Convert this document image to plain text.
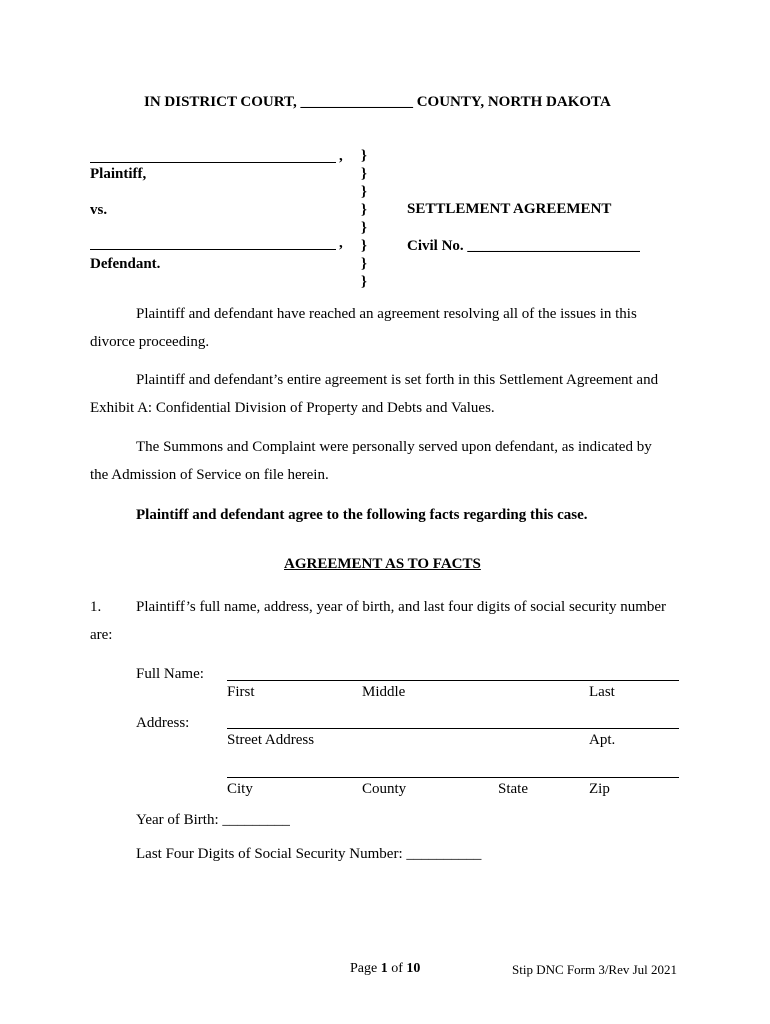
IN DISTRICT COURT, _______________ COUNTY, NORTH DAKOTA
,
Plaintiff,
vs.
,
Defendant.
}
}
}
}
}
}
}
}
SETTLEMENT AGREEMENT
Civil No. _______________________
Plaintiff and defendant have reached an agreement resolving all of the issues in this
divorce proceeding.
Plaintiff and defendant’s entire agreement is set forth in this Settlement Agreement and
Exhibit A: Confidential Division of Property and Debts and Values.
The Summons and Complaint were personally served upon defendant, as indicated by
the Admission of Service on file herein.
Plaintiff and defendant agree to the following facts regarding this case.
AGREEMENT AS TO FACTS
1. Plaintiff’s full name, address, year of birth, and last four digits of social security number
are:
Full Name:
First	Middle	Last
Address:
Street Address	Apt.
City	County	State	Zip
Year of Birth: _________
Last Four Digits of Social Security Number: __________
Page 1 of 10	Stip DNC Form 3/Rev Jul 2021
